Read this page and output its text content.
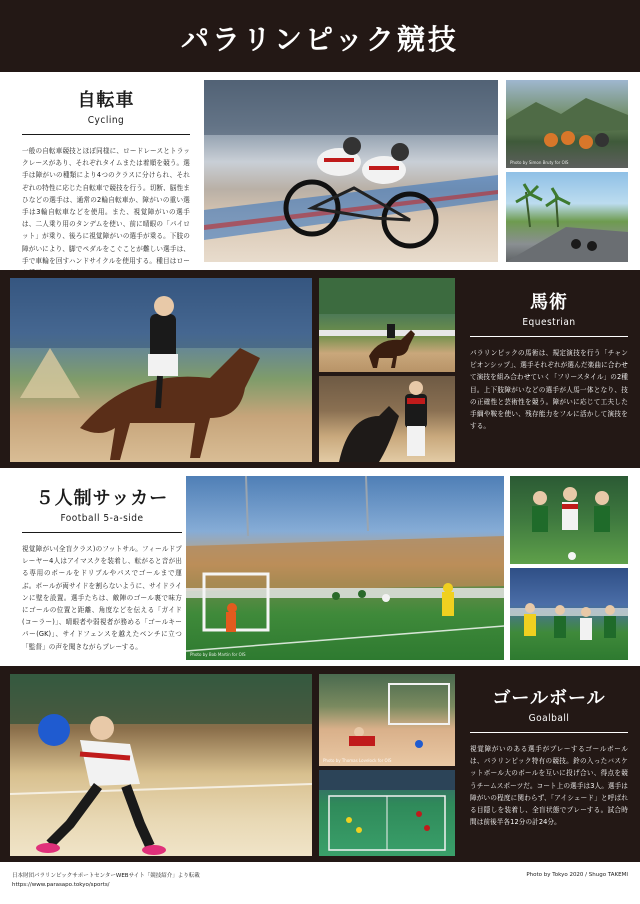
パラリンピック競技
自転車
Cycling
一般の自転車競技とほぼ同様に、ロードレースとトラックレースがあり、それぞれタイムまたは着順を競う。選手は障がいの種類により4つのクラスに分けられ、それぞれの特性に応じた自転車で競技を行う。切断、脳性まひなどの選手は、通常の2輪自転車か、障がいの重い選手は3輪自転車などを使用。また、視覚障がいの選手は、二人乗り用のタンデムを使い、前に晴眼の「パイロット」が乗り、後ろに視覚障がいの選手が乗る。下肢の障がいにより、脚でペダルをこぐことが難しい選手は、手で車輪を回すハンドサイクルを使用する。種目はロー
Photo by Simon Bruty for OIS
馬術
Equestrian
パラリンピックの馬術は、規定演技を行う「チャンピオンシップ」、選手それぞれが選んだ楽曲に合わせて演技を組み合わせていく「フリースタイル」の2種目。上下肢障がいなどの選手が人馬一体となり、技の正確性と芸術性を競う。障がいに応じて工夫した手綱や鞍を使い、残存能力をフルに活かして演技をする。
５人制サッカー
Football 5-a-side
視覚障がい(全盲クラス)のフットサル。フィールドプレーヤー4人はアイマスクを装着し、転がると音が出る専用のボールをドリブルやパスでゴールまで運ぶ。ボールが両サイドを割らないように、サイドラインに壁を設置。選手たちは、敵陣のゴール裏で味方にゴールの位置と距離、角度などを伝える「ガイド(コーラー)」、晴眼者や弱視者が務める「ゴールキーパー(GK)」、サイドフェンスを越えたベンチに立つ「監督」の声を聞きながらプレーする。
Photo by Bob Martin for OIS
Photo by Thomas Lovelock for OIS
ゴールボール
Goalball
視覚障がいのある選手がプレーするゴールボールは、パラリンピック特有の競技。鈴の入ったバスケットボール大のボールを互いに投げ合い、得点を競うチームスポーツだ。コート上の選手は3人。選手は障がいの程度に関わらず、「アイシェード」と呼ばれる目隠しを装着し、全盲状態でプレーする。試合時間は前後半各12分の計24分。
日本財団パラリンピックサポートセンターWEBサイト「競技紹介」より転載
https://www.parasapo.tokyo/sports/
Photo by Tokyo 2020 / Shugo TAKEMI
